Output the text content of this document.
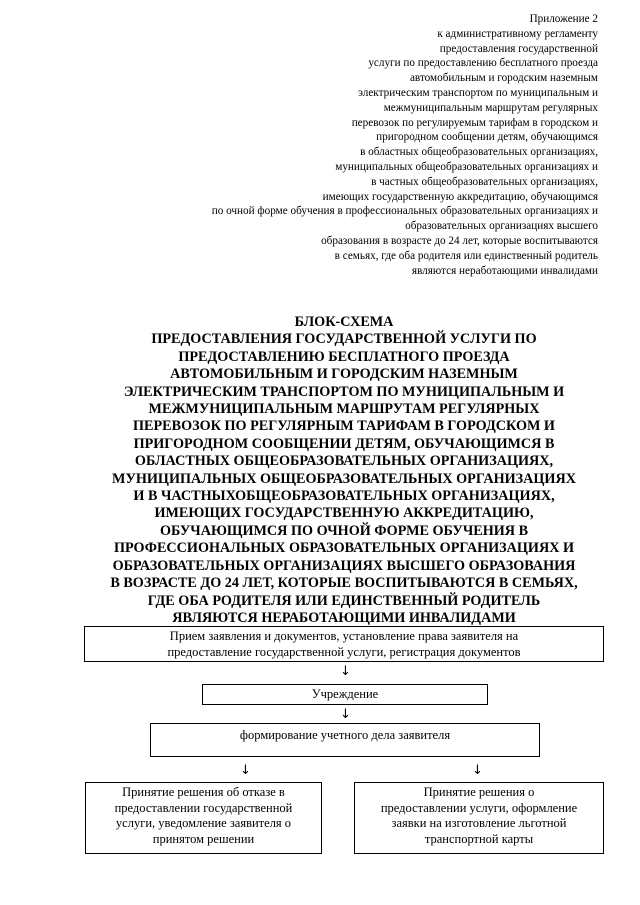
Приложение 2
к административному регламенту
предоставления государственной
услуги по предоставлению бесплатного проезда
автомобильным и городским наземным
электрическим транспортом по муниципальным и
межмуниципальным маршрутам регулярных
перевозок по регулируемым тарифам в городском и
пригородном сообщении детям, обучающимся
в областных общеобразовательных организациях,
муниципальных общеобразовательных организациях и
в частных общеобразовательных организациях,
имеющих государственную аккредитацию, обучающимся
по очной форме обучения в профессиональных образовательных организациях и
образовательных организациях высшего
образования в возрасте до 24 лет, которые воспитываются
в семьях, где оба родителя или единственный родитель
являются неработающими инвалидами
БЛОК-СХЕМА
ПРЕДОСТАВЛЕНИЯ ГОСУДАРСТВЕННОЙ УСЛУГИ ПО
ПРЕДОСТАВЛЕНИЮ БЕСПЛАТНОГО ПРОЕЗДА
АВТОМОБИЛЬНЫМ И ГОРОДСКИМ НАЗЕМНЫМ
ЭЛЕКТРИЧЕСКИМ ТРАНСПОРТОМ ПО МУНИЦИПАЛЬНЫМ И
МЕЖМУНИЦИПАЛЬНЫМ МАРШРУТАМ РЕГУЛЯРНЫХ
ПЕРЕВОЗОК ПО РЕГУЛЯРНЫМ ТАРИФАМ В ГОРОДСКОМ И
ПРИГОРОДНОМ СООБЩЕНИИ ДЕТЯМ, ОБУЧАЮЩИМСЯ В
ОБЛАСТНЫХ ОБЩЕОБРАЗОВАТЕЛЬНЫХ ОРГАНИЗАЦИЯХ,
МУНИЦИПАЛЬНЫХ ОБЩЕОБРАЗОВАТЕЛЬНЫХ ОРГАНИЗАЦИЯХ
И В ЧАСТНЫХОБЩЕОБРАЗОВАТЕЛЬНЫХ ОРГАНИЗАЦИЯХ,
ИМЕЮЩИХ ГОСУДАРСТВЕННУЮ АККРЕДИТАЦИЮ,
ОБУЧАЮЩИМСЯ ПО ОЧНОЙ ФОРМЕ ОБУЧЕНИЯ В
ПРОФЕССИОНАЛЬНЫХ ОБРАЗОВАТЕЛЬНЫХ ОРГАНИЗАЦИЯХ И
ОБРАЗОВАТЕЛЬНЫХ ОРГАНИЗАЦИЯХ ВЫСШЕГО ОБРАЗОВАНИЯ
В ВОЗРАСТЕ ДО 24 ЛЕТ, КОТОРЫЕ ВОСПИТЫВАЮТСЯ В СЕМЬЯХ,
ГДЕ ОБА РОДИТЕЛЯ ИЛИ ЕДИНСТВЕННЫЙ РОДИТЕЛЬ
ЯВЛЯЮТСЯ НЕРАБОТАЮЩИМИ ИНВАЛИДАМИ
Прием заявления и документов, установление права заявителя на
предоставление государственной услуги, регистрация документов
↓
Учреждение
↓
формирование учетного дела заявителя
↓	↓
Принятие решения об отказе в
предоставлении государственной
услуги, уведомление заявителя о
принятом решении
Принятие решения о
предоставлении услуги, оформление
заявки на изготовление льготной
транспортной карты
